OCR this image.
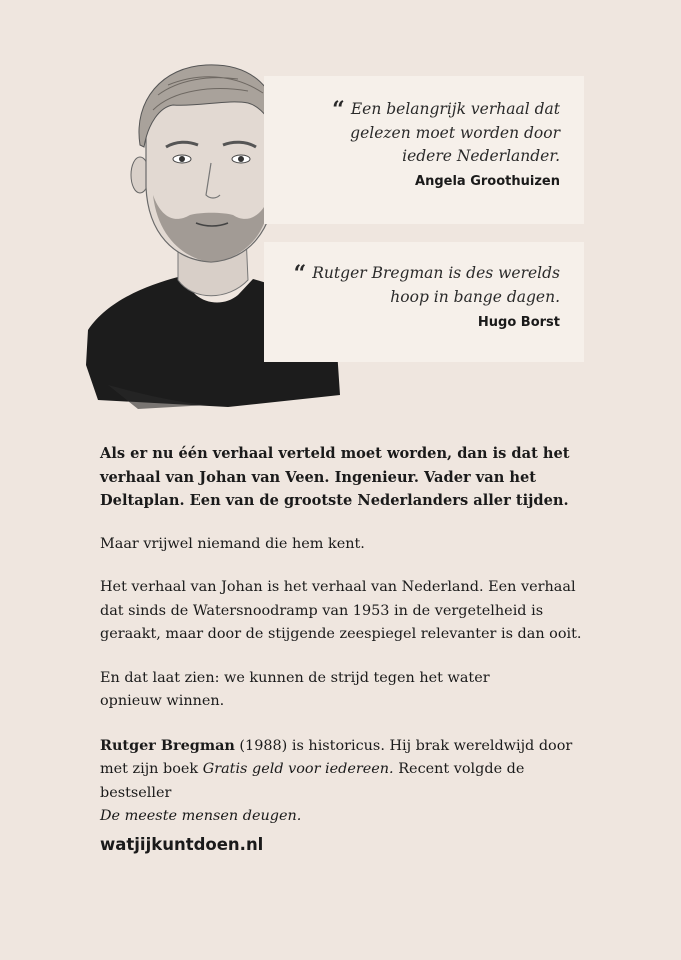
“ Een belangrijk verhaal dat
gelezen moet worden door
iedere Nederlander.
Angela Groothuizen
“ Rutger Bregman is des werelds
hoop in bange dagen.
Hugo Borst
Als er nu één verhaal verteld moet worden, dan is dat het
verhaal van Johan van Veen. Ingenieur. Vader van het
Deltaplan. Een van de grootste Nederlanders aller tijden.
Maar vrijwel niemand die hem kent.
Het verhaal van Johan is het verhaal van Nederland. Een verhaal
dat sinds de Watersnoodramp van 1953 in de vergetelheid is
geraakt, maar door de stijgende zeespiegel relevanter is dan ooit.
En dat laat zien: we kunnen de strijd tegen het water
opnieuw winnen.
Rutger Bregman (1988) is historicus. Hij brak wereldwijd door
met zijn boek Gratis geld voor iedereen. Recent volgde de bestseller
De meeste mensen deugen.
watjijkuntdoen.nl
